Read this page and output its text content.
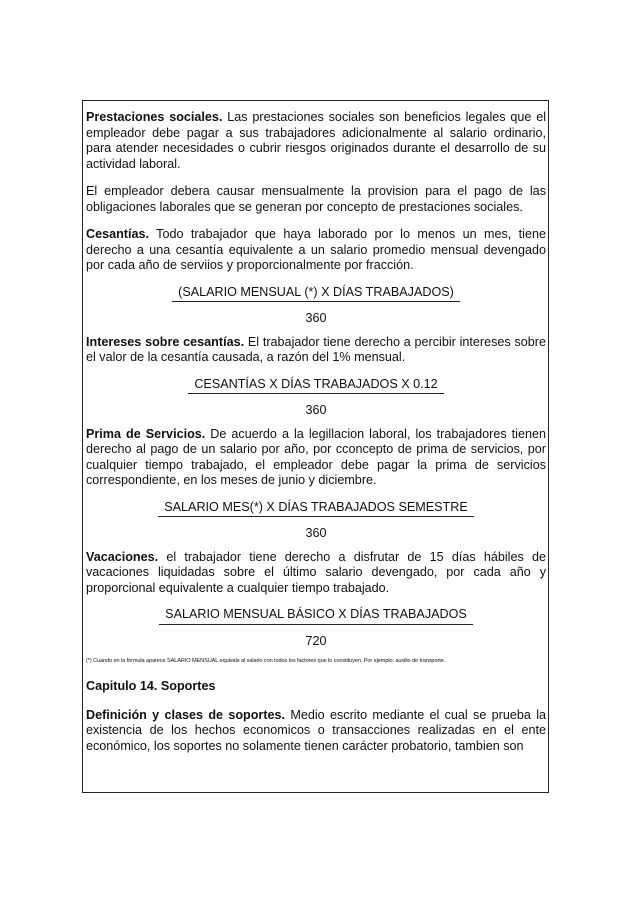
Prestaciones sociales. Las prestaciones sociales son beneficios legales que el empleador debe pagar a sus trabajadores adicionalmente al salario ordinario, para atender necesidades o cubrir riesgos originados durante el desarrollo de su actividad laboral.

El empleador debera causar mensualmente la provision para el pago de las obligaciones laborales que se generan por concepto de prestaciones sociales.

Cesantías. Todo trabajador que haya laborado por lo menos un mes, tiene derecho a una cesantía equivalente a un salario promedio mensual devengado por cada año de serviios y proporcionalmente por fracción.

(SALARIO MENSUAL (*) X DÍAS TRABAJADOS)
360

Intereses sobre cesantías. El trabajador tiene derecho a percibir intereses sobre el valor de la cesantía causada, a razón del 1% mensual.

CESANTÍAS X DÍAS TRABAJADOS X 0.12
360

Prima de Servicios. De acuerdo a la legillacion laboral, los trabajadores tienen derecho al pago de un salario por año, por cconcepto de prima de servicios, por cualquier tiempo trabajado, el empleador debe pagar la prima de servicios correspondiente, en los meses de junio y diciembre.

SALARIO MES(*) X DÍAS TRABAJADOS SEMESTRE
360

Vacaciones. el trabajador tiene derecho a disfrutar de 15 días hábiles de vacaciones liquidadas sobre el último salario devengado, por cada año y proporcional equivalente a cualquier tiempo trabajado.

SALARIO MENSUAL BÁSICO X DÍAS TRABAJADOS
720
(*) Cuando en la fórmula aparece SALARIO MENSUAL equivale al salario con todos los factores que lo constituyen. Por ejemplo: auxilio de transporte.
Capitulo 14. Soportes

Definición y clases de soportes. Medio escrito mediante el cual se prueba la existencia de los hechos economicos o transacciones realizadas en el ente económico, los soportes no solamente tienen carácter probatorio, tambien son
